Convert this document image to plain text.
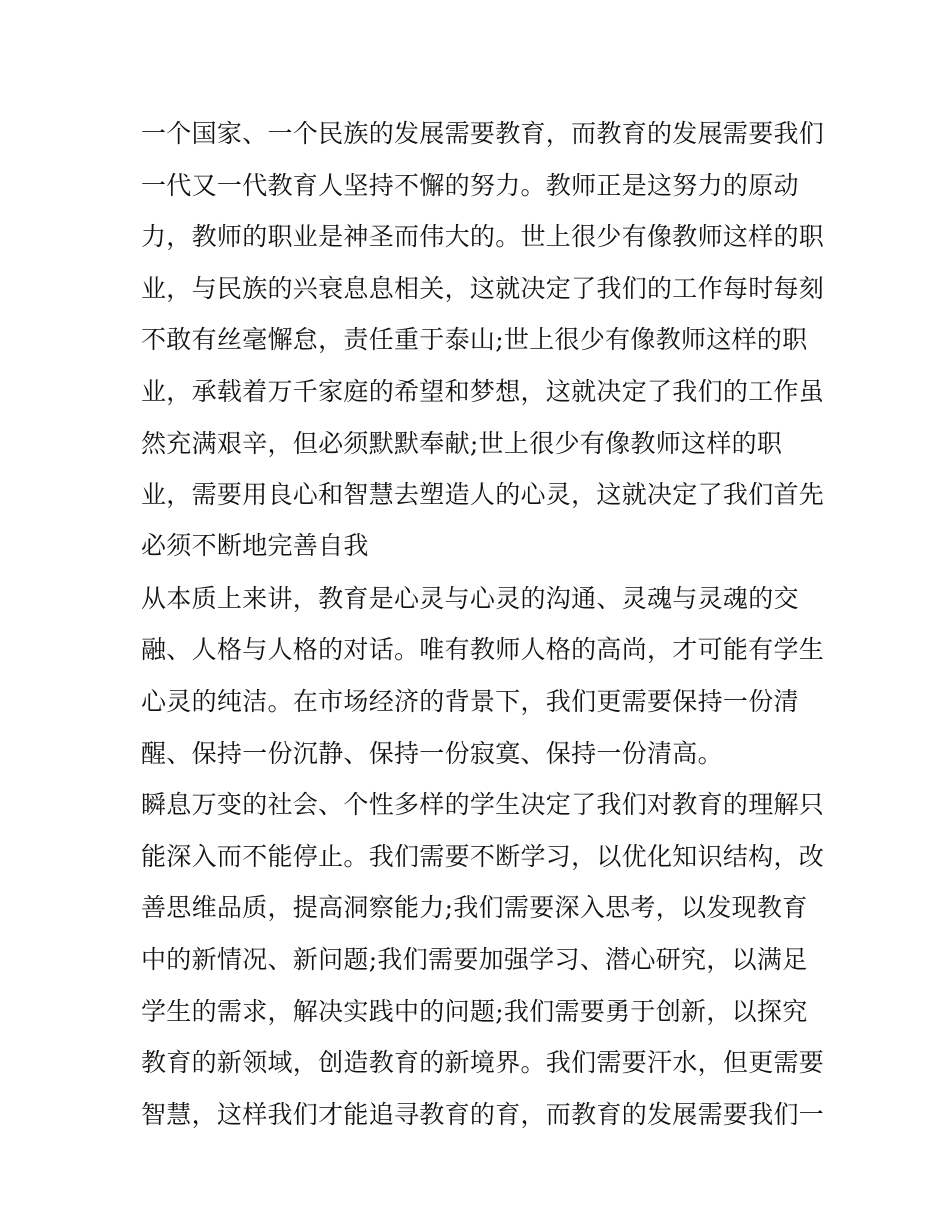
一个国家、一个民族的发展需要教育，而教育的发展需要我们
一代又一代教育人坚持不懈的努力。教师正是这努力的原动
力，教师的职业是神圣而伟大的。世上很少有像教师这样的职
业，与民族的兴衰息息相关，这就决定了我们的工作每时每刻
不敢有丝毫懈怠，责任重于泰山;世上很少有像教师这样的职
业，承载着万千家庭的希望和梦想，这就决定了我们的工作虽
然充满艰辛，但必须默默奉献;世上很少有像教师这样的职
业，需要用良心和智慧去塑造人的心灵，这就决定了我们首先
必须不断地完善自我
从本质上来讲，教育是心灵与心灵的沟通、灵魂与灵魂的交
融、人格与人格的对话。唯有教师人格的高尚，才可能有学生
心灵的纯洁。在市场经济的背景下，我们更需要保持一份清
醒、保持一份沉静、保持一份寂寞、保持一份清高。
瞬息万变的社会、个性多样的学生决定了我们对教育的理解只
能深入而不能停止。我们需要不断学习，以优化知识结构，改
善思维品质，提高洞察能力;我们需要深入思考，以发现教育
中的新情况、新问题;我们需要加强学习、潜心研究，以满足
学生的需求，解决实践中的问题;我们需要勇于创新，以探究
教育的新领域，创造教育的新境界。我们需要汗水，但更需要
智慧，这样我们才能追寻教育的育，而教育的发展需要我们一
